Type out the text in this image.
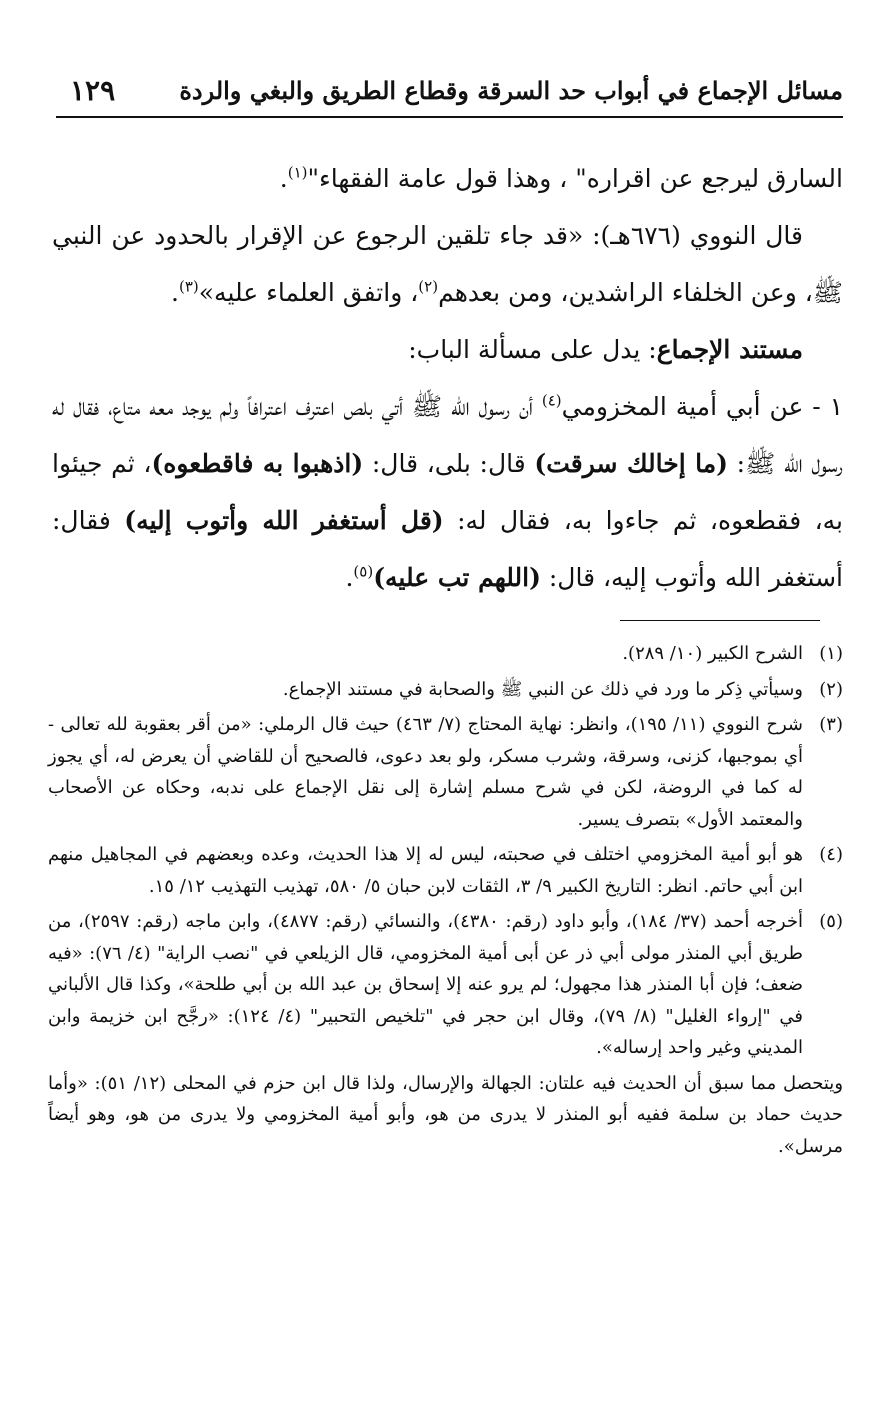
١٢٩	مسائل الإجماع في أبواب حد السرقة وقطاع الطريق والبغي والردة

السارق ليرجع عن اقراره" ، وهذا قول عامة الفقهاء"$^{(١)}$.

قال النووي (٦٧٦هـ): «قد جاء تلقين الرجوع عن الإقرار بالحدود عن النبي ﷺ، وعن الخلفاء الراشدين، ومن بعدهم$^{(٢)}$، واتفق العلماء عليه»$^{(٣)}$.

مستند الإجماع: يدل على مسألة الباب:

١ - عن أبي أمية المخزومي$^{(٤)}$ أن رسول الله ﷺ أتي بلص اعترف اعترافاً ولم يوجد معه متاع، فقال له رسول الله ﷺ: (ما إخالك سرقت) قال: بلى، قال: (اذهبوا به فاقطعوه)، ثم جيئوا به، فقطعوه، ثم جاءوا به، فقال له: (قل أستغفر الله وأتوب إليه) فقال: أستغفر الله وأتوب إليه، قال: (اللهم تب عليه)$^{(٥)}$.

(١)
الشرح الكبير (١٠/ ٢٨٩).
(٢)
وسيأتي ذِكر ما ورد في ذلك عن النبي ﷺ والصحابة في مستند الإجماع.
(٣)
شرح النووي (١١/ ١٩٥)، وانظر: نهاية المحتاج (٧/ ٤٦٣) حيث قال الرملي: «من أقر بعقوبة لله تعالى - أي بموجبها، كزنى، وسرقة، وشرب مسكر، ولو بعد دعوى، فالصحيح أن للقاضي أن يعرض له، أي يجوز له كما في الروضة، لكن في شرح مسلم إشارة إلى نقل الإجماع على ندبه، وحكاه عن الأصحاب والمعتمد الأول» بتصرف يسير.
(٤)
هو أبو أمية المخزومي اختلف في صحبته، ليس له إلا هذا الحديث، وعده وبعضهم في المجاهيل منهم ابن أبي حاتم. انظر: التاريخ الكبير ٩/ ٣، الثقات لابن حبان ٥/ ٥٨٠، تهذيب التهذيب ١٢/ ١٥.
(٥)
أخرجه أحمد (٣٧/ ١٨٤)، وأبو داود (رقم: ٤٣٨٠)، والنسائي (رقم: ٤٨٧٧)، وابن ماجه (رقم: ٢٥٩٧)، من طريق أبي المنذر مولى أبي ذر عن أبى أمية المخزومي، قال الزيلعي في "نصب الراية" (٤/ ٧٦): «فيه ضعف؛ فإن أبا المنذر هذا مجهول؛ لم يرو عنه إلا إسحاق بن عبد الله بن أبي طلحة»، وكذا قال الألباني في "إرواء الغليل" (٨/ ٧٩)، وقال ابن حجر في "تلخيص التحبير" (٤/ ١٢٤): «رجَّح ابن خزيمة وابن المديني وغير واحد إرساله».

ويتحصل مما سبق أن الحديث فيه علتان: الجهالة والإرسال، ولذا قال ابن حزم في المحلى (١٢/ ٥١): «وأما حديث حماد بن سلمة ففيه أبو المنذر لا يدرى من هو، وأبو أمية المخزومي ولا يدرى من هو، وهو أيضاً مرسل».
